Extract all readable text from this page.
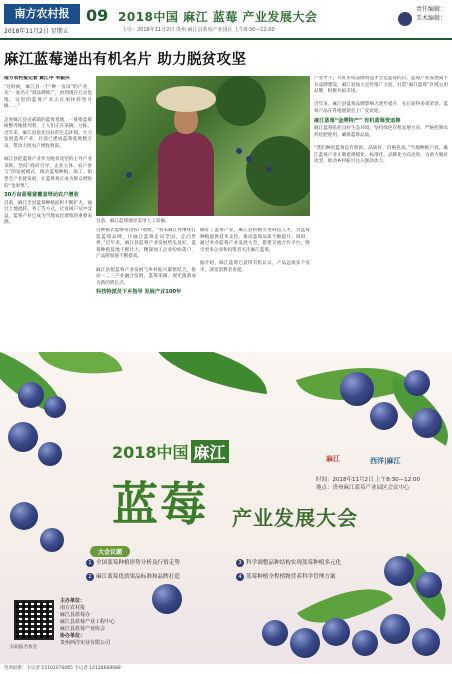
南方农村报	09
2018年11月2日 星期五
2018中国 麻江 蓝莓 产业发展大会
主办：2018年11月2日 贵州·麻江县蓝莓产业园区 上午8:30—12:00
责任编辑：
美术编辑：
麻江蓝莓递出有机名片 助力脱贫攻坚
南方农村报记者 黄江中 韦振兴
“这时候，麻江县一个“种一亩田”的产业，从“一张名片”到品牌推广，再到现在万亩基地，这里的蓝莓产业正在加快转型升级……”

走进麻江县宣威镇的蓝莓基地，一排排蓝莓树整齐地排列着，工人们正在采摘、分拣。近年来，麻江县依托良好的生态环境，大力发展蓝莓产业，目前已建成蓝莓基地数万亩，带动大批农户增收致富。

麻江县把蓝莓产业作为脱贫攻坚的主导产业来抓，坚持“政府引导、企业主体、农户参与”的发展模式，推动蓝莓种植、加工、销售全产业链发展，让蓝莓真正成为群众增收的“金果果”。
30万亩蓝莓富覆盖带动农户增收
目前，麻江全县蓝莓种植面积不断扩大，通过土地流转、务工等方式，让贫困户从中受益，蓝莓产业已成为当地农民增收的重要来源。	目前，麻江蓝莓地里采用人工采摘。
这种模式能够带动农户增收。“将来麻江将继续打造蓝莓品牌，让麻江蓝莓走向全国、走向世界。”近年来，麻江县蓝莓产业发展势头良好，蓝莓种植基地不断壮大，精深加工企业纷纷落户，产品附加值不断提高。

麻江县把蓝莓产业发展与乡村振兴紧密结合，推动一二三产业融合发展，蓝莓采摘、观光旅游成为新的增长点。
科技特派员下乡指导 发展产业100年
做好了蓝莓产业，麻江县积极引进科技人才，为蓝莓种植提供技术支持，推动蓝莓品质不断提升。同时，通过举办蓝莓产业发展大会，搭建交流合作平台，吸引更多企业和投资者关注麻江蓝莓。

据介绍，麻江蓝莓已获得有机认证，产品远销多个省市，深受消费者喜爱。
产业才不，兴旺形成品牌效益才会是蓝莓的首。蓝莓产业发展离不开品牌建设，麻江县加大宣传推广力度，打造“麻江蓝莓”区域公用品牌，积极开拓市场。

近年来，麻江县蓝莓品牌影响力逐步提升，先后获得多项荣誉，蓝莓产品在各地展销会上广受欢迎。
麻江蓝莓“金牌特产” 有机蓝莓受追捧
麻江蓝莓依托良好生态环境，坚持绿色有机发展方向，严格控制农药化肥使用，确保蓝莓品质。

“我们种的蓝莓是有机的，品质好，价格也高。”当地种植户说。麻江蓝莓产业正朝着规模化、标准化、品牌化方向迈进，为助力脱贫攻坚、推动乡村振兴注入强劲动力。
2018中国 麻江
蓝莓 产业发展大会
麻江	西洋|麻江
时间：2018年11月2日 上午8:30—12:00
地点：贵州麻江蓝莓产业园区会议中心
大会议题
1 全国蓝莓种植形势分析及行情走势
2 麻江蓝莓优质果品标准和品牌打造
3 科学调整品种结构实现蓝莓种植多元化
4 蓝莓种植全程植物营养科学管理方案
扫码报名参会
主办单位：
南方农村报
麻江县蓝莓办
麻江县蓝莓产业工程中心
麻江县蓝莓产业协会
协办单位：
贵州西洋实业有限公司
咨询联系：韦记者 15102076065 韦记者 14128688688
